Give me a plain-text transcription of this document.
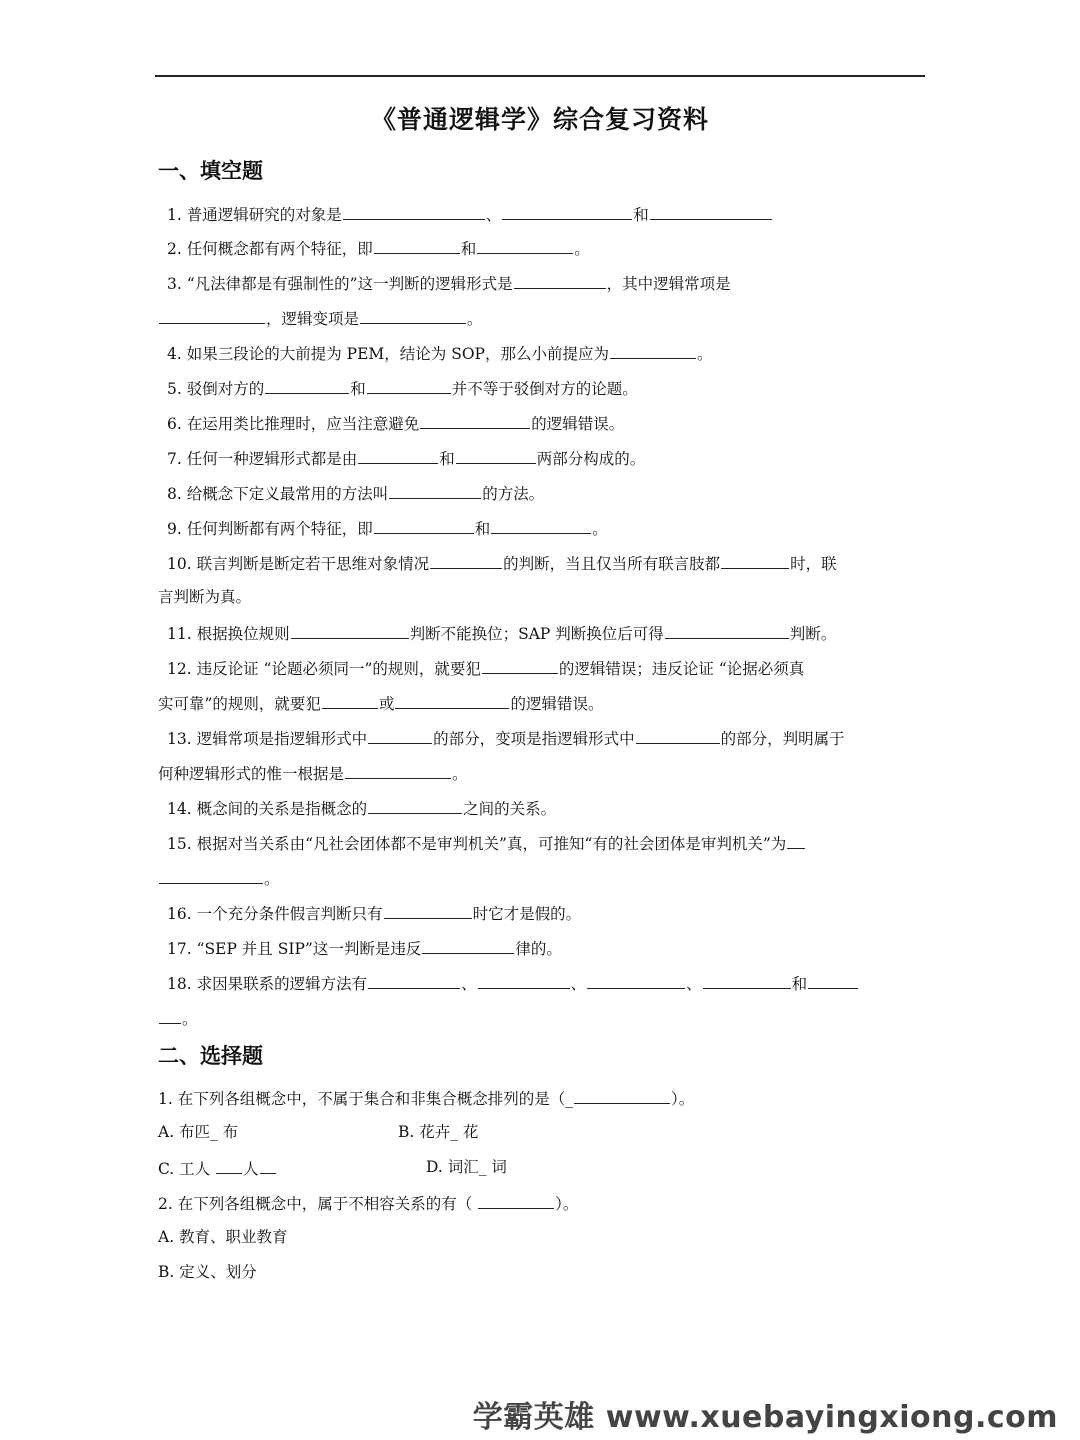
《普通逻辑学》综合复习资料
一、填空题
1. 普通逻辑研究的对象是	、	和
2. 任何概念都有两个特征，即	和	。
3. “凡法律都是有强制性的”这一判断的逻辑形式是	，其中逻辑常项是
，逻辑变项是	。
4. 如果三段论的大前提为 PEM，结论为 SOP，那么小前提应为	。
5. 驳倒对方的	和	并不等于驳倒对方的论题。
6. 在运用类比推理时，应当注意避免	的逻辑错误。
7. 任何一种逻辑形式都是由	和	两部分构成的。
8. 给概念下定义最常用的方法叫	的方法。
9. 任何判断都有两个特征，即	和	。
10. 联言判断是断定若干思维对象情况	的判断，当且仅当所有联言肢都	时，联
言判断为真。
11. 根据换位规则	判断不能换位；SAP 判断换位后可得	判断。
12. 违反论证 “论题必须同一”的规则，就要犯	的逻辑错误；违反论证 “论据必须真
实可靠”的规则，就要犯	或	的逻辑错误。
13. 逻辑常项是指逻辑形式中	的部分，变项是指逻辑形式中	的部分，判明属于
何种逻辑形式的惟一根据是	。
14. 概念间的关系是指概念的	之间的关系。
15. 根据对当关系由“凡社会团体都不是审判机关”真，可推知“有的社会团体是审判机关”为
。
16. 一个充分条件假言判断只有	时它才是假的。
17. “SEP 并且 SIP”这一判断是违反	律的。
18. 求因果联系的逻辑方法有	、	、	、	和
。
二、选择题
1. 在下列各组概念中，不属于集合和非集合概念排列的是（_	）。
A. 布匹_ 布	B. 花卉_ 花
C. 工人 人	D. 词汇_ 词
2. 在下列各组概念中，属于不相容关系的有（	）。
A. 教育、职业教育
B. 定义、划分
学霸英雄 www.xuebayingxiong.com
